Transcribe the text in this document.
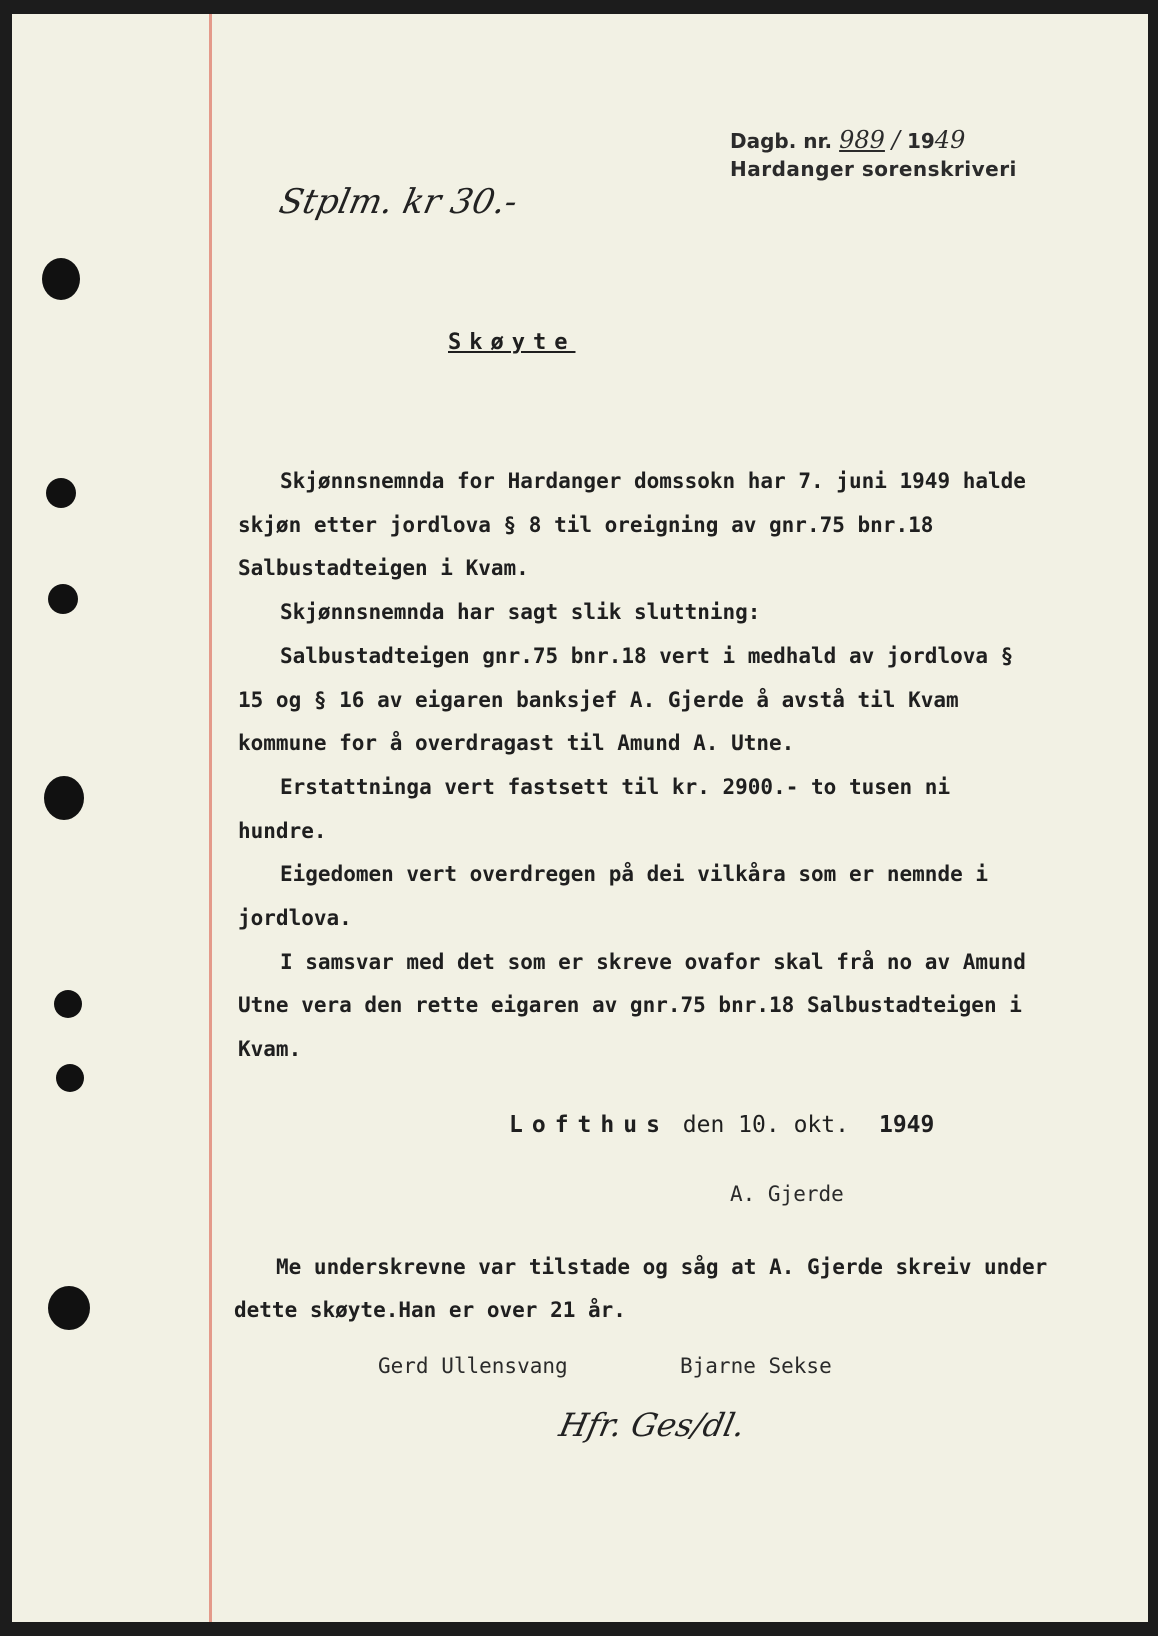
Dagb. nr. 989 / 1949
Hardanger sorenskriveri
Stplm. kr 30.-
Skøyte

Skjønnsnemnda for Hardanger domssokn har 7. juni 1949 halde skjøn etter jordlova § 8 til oreigning av gnr.75 bnr.18 Salbustadteigen i Kvam.

Skjønnsnemnda har sagt slik sluttning:

Salbustadteigen gnr.75 bnr.18 vert i medhald av jordlova § 15 og § 16 av eigaren banksjef A. Gjerde å avstå til Kvam kommune for å overdragast til Amund A. Utne.

Erstattninga vert fastsett til kr. 2900.- to tusen ni hundre.

Eigedomen vert overdregen på dei vilkåra som er nemnde i jordlova.

I samsvar med det som er skreve ovafor skal frå no av Amund Utne vera den rette eigaren av gnr.75 bnr.18 Salbustadteigen i Kvam.

Lofthus den 10. okt. 1949
A. Gjerde

Me underskrevne var tilstade og såg at A. Gjerde skreiv under dette skøyte.Han er over 21 år.

Gerd Ullensvang	Bjarne Sekse
Hfr. Ges/dl.
